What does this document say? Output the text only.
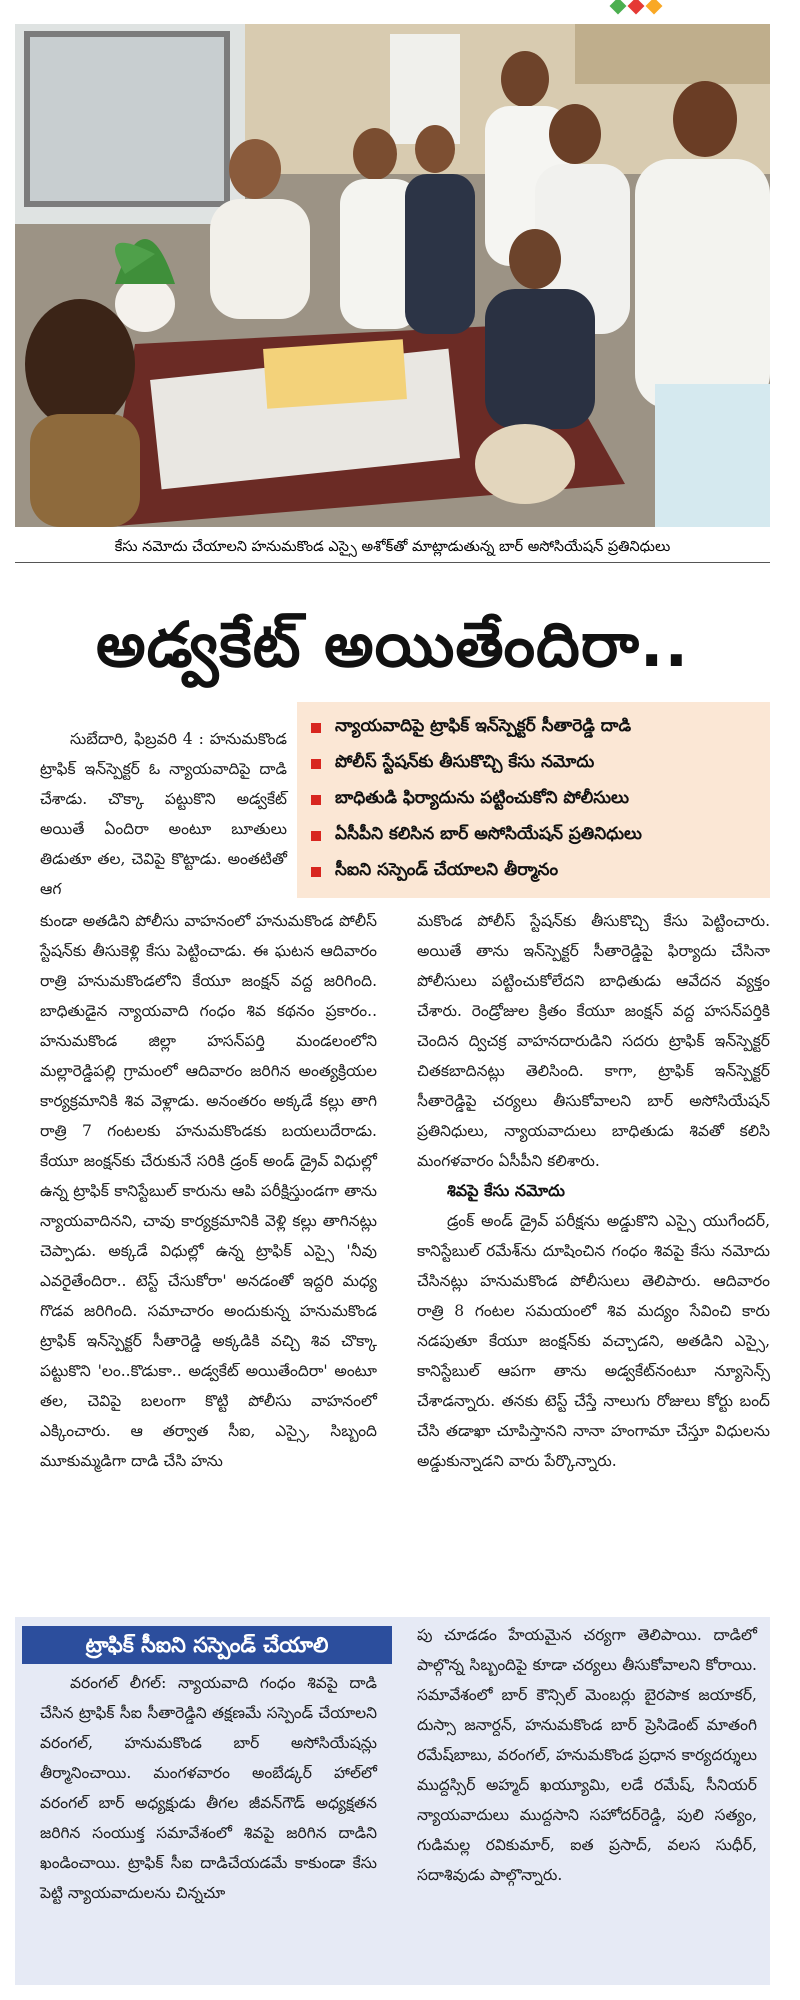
కేసు నమోదు చేయాలని హనుమకొండ ఎస్సై అశోక్‌తో మాట్లాడుతున్న బార్ అసోసియేషన్ ప్రతినిధులు
అడ్వకేట్ అయితేందిరా..
న్యాయవాదిపై ట్రాఫిక్ ఇన్‌స్పెక్టర్ సీతారెడ్డి దాడి
పోలీస్ స్టేషన్‌కు తీసుకొచ్చి కేసు నమోదు
బాధితుడి ఫిర్యాదును పట్టించుకోని పోలీసులు
ఏసీపీని కలిసిన బార్ అసోసియేషన్ ప్రతినిధులు
సీఐని సస్పెండ్ చేయాలని తీర్మానం

సుబేదారి, ఫిబ్రవరి 4 : హనుమకొండ ట్రాఫిక్ ఇన్‌స్పెక్టర్ ఓ న్యాయవాదిపై దాడి చేశాడు. చొక్కా పట్టుకొని అడ్వకేట్ అయితే ఏందిరా అంటూ బూతులు తిడుతూ తల, చెవిపై కొట్టాడు. అంతటితో ఆగ

కుండా అతడిని పోలీసు వాహనంలో హనుమకొండ పోలీస్ స్టేషన్‌కు తీసుకెళ్లి కేసు పెట్టించాడు. ఈ ఘటన ఆదివారం రాత్రి హనుమకొండలోని కేయూ జంక్షన్ వద్ద జరిగింది. బాధితుడైన న్యాయవాది గంధం శివ కథనం ప్రకారం.. హనుమకొండ జిల్లా హసన్‌పర్తి మండలంలోని మల్లారెడ్డిపల్లి గ్రామంలో ఆదివారం జరిగిన అంత్యక్రియల కార్యక్రమానికి శివ వెళ్లాడు. అనంతరం అక్కడే కల్లు తాగి రాత్రి 7 గంటలకు హనుమకొండకు బయలుదేరాడు. కేయూ జంక్షన్‌కు చేరుకునే సరికి డ్రంక్ అండ్ డ్రైవ్ విధుల్లో ఉన్న ట్రాఫిక్ కానిస్టేబుల్ కారును ఆపి పరీక్షిస్తుండగా తాను న్యాయవాదినని, చావు కార్యక్రమానికి వెళ్లి కల్లు తాగినట్లు చెప్పాడు. అక్కడే విధుల్లో ఉన్న ట్రాఫిక్ ఎస్సై 'నీవు ఎవరైతేందిరా.. టెస్ట్ చేసుకోరా' అనడంతో ఇద్దరి మధ్య గొడవ జరిగింది. సమాచారం అందుకున్న హనుమకొండ ట్రాఫిక్ ఇన్‌స్పెక్టర్ సీతారెడ్డి అక్కడికి వచ్చి శివ చొక్కా పట్టుకొని 'లం..కొడుకా.. అడ్వకేట్ అయితేందిరా' అంటూ తల, చెవిపై బలంగా కొట్టి పోలీసు వాహనంలో ఎక్కించారు. ఆ తర్వాత సీఐ, ఎస్సై, సిబ్బంది మూకుమ్మడిగా దాడి చేసి హను

మకొండ పోలీస్ స్టేషన్‌కు తీసుకొచ్చి కేసు పెట్టించారు. అయితే తాను ఇన్‌స్పెక్టర్ సీతారెడ్డిపై ఫిర్యాదు చేసినా పోలీసులు పట్టించుకోలేదని బాధితుడు ఆవేదన వ్యక్తం చేశారు. రెండ్రోజుల క్రితం కేయూ జంక్షన్ వద్ద హసన్‌పర్తికి చెందిన ద్విచక్ర వాహనదారుడిని సదరు ట్రాఫిక్ ఇన్‌స్పెక్టర్ చితకబాదినట్లు తెలిసింది. కాగా, ట్రాఫిక్ ఇన్‌స్పెక్టర్ సీతారెడ్డిపై చర్యలు తీసుకోవాలని బార్ అసోసియేషన్ ప్రతినిధులు, న్యాయవాదులు బాధితుడు శివతో కలిసి మంగళవారం ఏసీపీని కలిశారు.

శివపై కేసు నమోదు

డ్రంక్ అండ్ డ్రైవ్ పరీక్షను అడ్డుకొని ఎస్సై యుగేందర్, కానిస్టేబుల్ రమేశ్‌ను దూషించిన గంధం శివపై కేసు నమోదు చేసినట్లు హనుమకొండ పోలీసులు తెలిపారు. ఆదివారం రాత్రి 8 గంటల సమయంలో శివ మద్యం సేవించి కారు నడపుతూ కేయూ జంక్షన్‌కు వచ్చాడని, అతడిని ఎస్సై, కానిస్టేబుల్ ఆపగా తాను అడ్వకేట్‌నంటూ న్యూసెన్స్ చేశాడన్నారు. తనకు టెస్ట్ చేస్తే నాలుగు రోజులు కోర్టు బంద్ చేసి తడాఖా చూపిస్తానని నానా హంగామా చేస్తూ విధులను అడ్డుకున్నాడని వారు పేర్కొన్నారు.

ట్రాఫిక్ సీఐని సస్పెండ్ చేయాలి

వరంగల్ లీగల్: న్యాయవాది గంధం శివపై దాడి చేసిన ట్రాఫిక్ సీఐ సీతారెడ్డిని తక్షణమే సస్పెండ్ చేయాలని వరంగల్, హనుమకొండ బార్ అసోసియేషన్లు తీర్మానించాయి. మంగళవారం అంబేడ్కర్ హాల్‌లో వరంగల్ బార్ అధ్యక్షుడు తీగల జీవన్‌గౌడ్ అధ్యక్షతన జరిగిన సంయుక్త సమావేశంలో శివపై జరిగిన దాడిని ఖండించాయి. ట్రాఫిక్ సీఐ దాడిచేయడమే కాకుండా కేసు పెట్టి న్యాయవాదులను చిన్నచూ

పు చూడడం హేయమైన చర్యగా తెలిపాయి. దాడిలో పాల్గొన్న సిబ్బందిపై కూడా చర్యలు తీసుకోవాలని కోరాయి. సమావేశంలో బార్ కౌన్సిల్ మెంబర్లు బైరపాక జయాకర్, దుస్సా జనార్దన్, హనుమకొండ బార్ ప్రెసిడెంట్ మాతంగి రమేష్‌బాబు, వరంగల్, హనుమకొండ ప్రధాన కార్యదర్శులు ముద్దస్సిర్ అహ్మద్ ఖయ్యూమి, లడే రమేష్, సీనియర్ న్యాయవాదులు ముద్దసాని సహోదర్‌రెడ్డి, పులి సత్యం, గుడిమల్ల రవికుమార్, ఐత ప్రసాద్, వలస సుధీర్, సదాశివుడు పాల్గొన్నారు.
